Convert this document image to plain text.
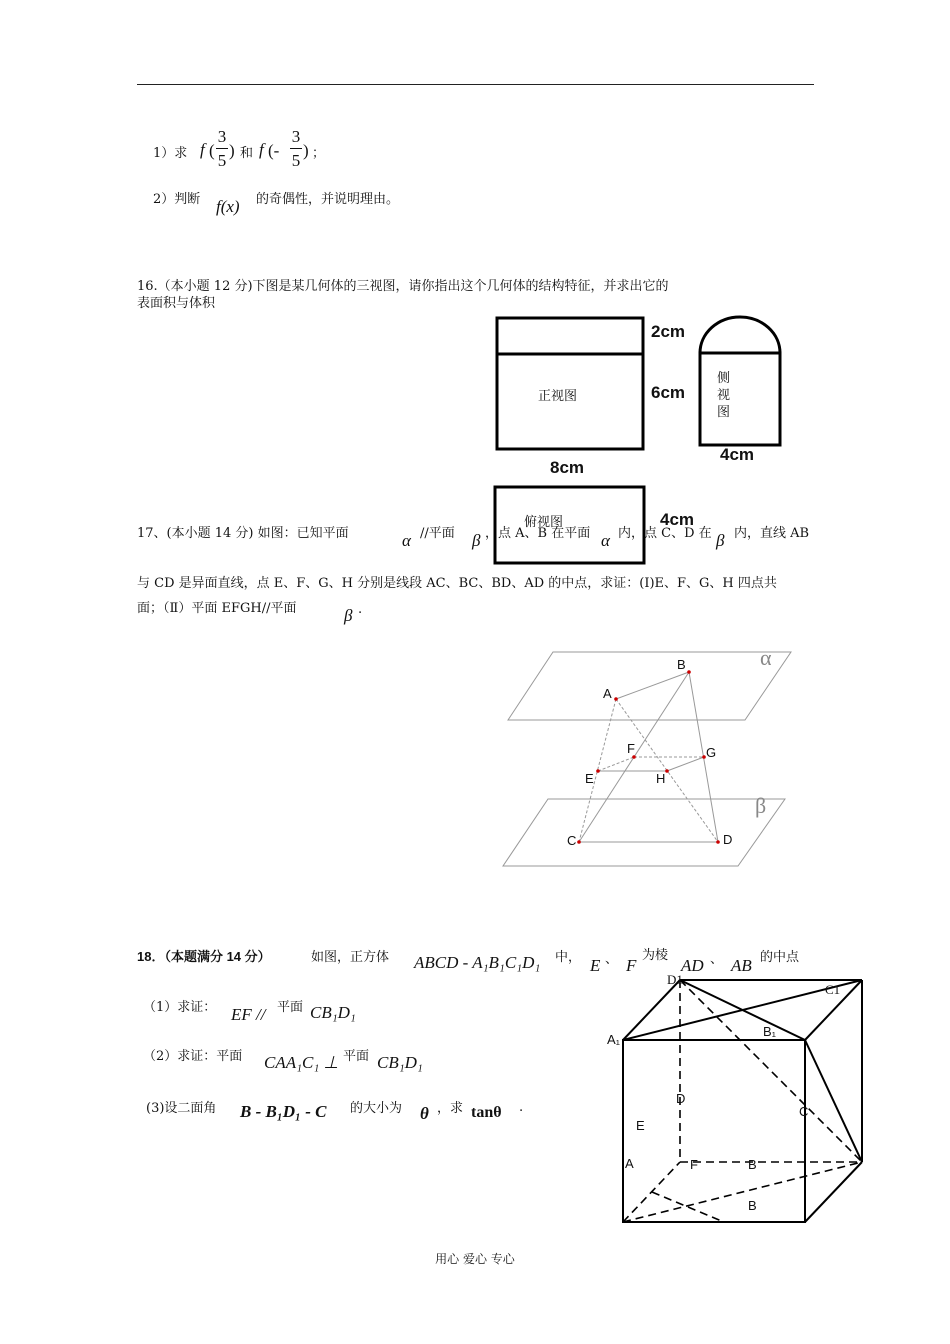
1）求 f (
3
5
) 和 f (-
3
5
) ；
2）判断 f(x) 的奇偶性，并说明理由。
16.（本小题 12 分)下图是某几何体的三视图，请你指出这个几何体的结构特征，并求出它的
表面积与体积
正视图
侧
视
图
俯视图
2cm
6cm
8cm
4cm
4cm
17、(本小题 14 分) 如图：已知平面	α //平面 β ，点 A、B 在平面 α 内，点 C、D 在 β 内，直线 AB
与 CD 是异面直线，点 E、F、G、H 分别是线段 AC、BC、BD、AD 的中点，求证：(Ⅰ)E、F、G、H 四点共
面；（Ⅱ）平面 EFGH//平面	β .
α
β
A
B
C	D
E
F	G
H
18．（本题满分 14 分）	如图，正方体 ABCD - A₁B₁C₁D₁ 中， E 、 F
为棱
AD 、 AB 的中点
（1）求证：	平面
EF //	CB₁D₁
（2）求证：平面 CAA₁C₁ ⊥ 平面 CB₁D₁
(3)设二面角 B - B₁D₁ - C 的大小为 θ ，求 tanθ .
D1
C1
A₁
B₁
D
C
E
A	F	B
B
用心 爱心 专心
